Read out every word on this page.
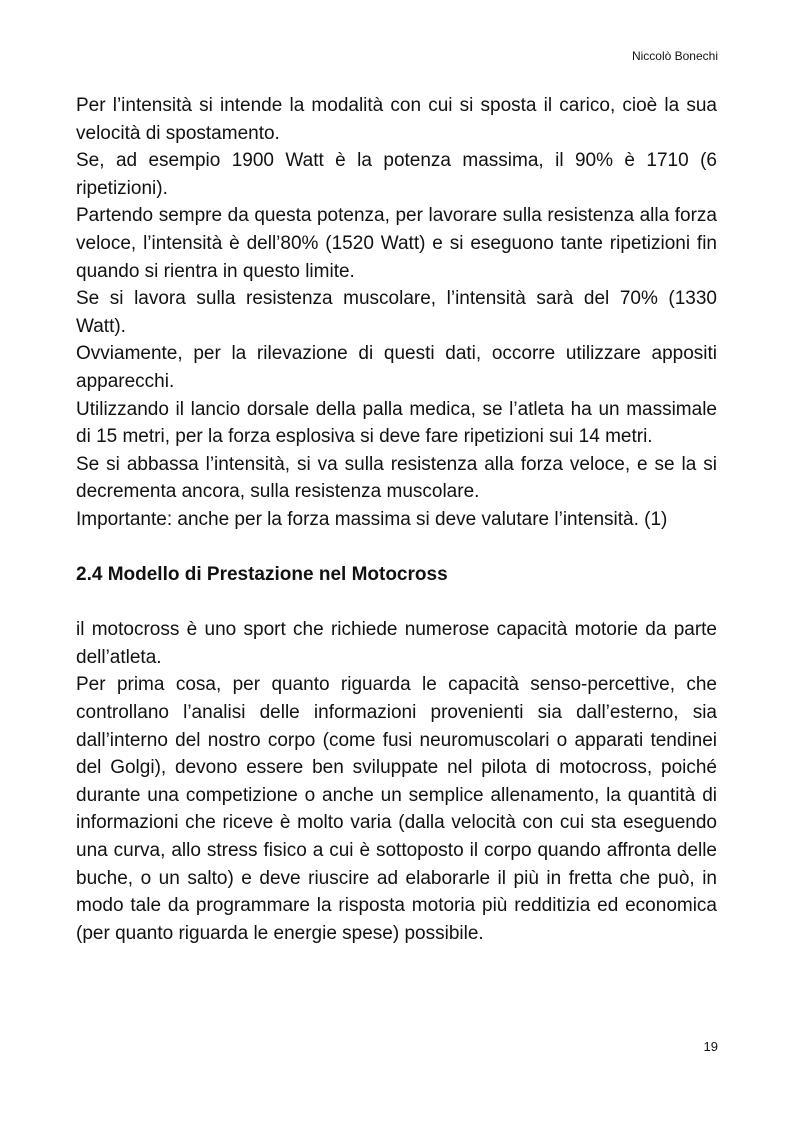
Niccolò Bonechi

Per l’intensità si intende la modalità con cui si sposta il carico, cioè la sua velocità di spostamento.

Se, ad esempio 1900 Watt è la potenza massima, il 90% è 1710 (6 ripetizioni).

Partendo sempre da questa potenza, per lavorare sulla resistenza alla forza veloce, l’intensità è dell’80% (1520 Watt) e si eseguono tante ripetizioni fin quando si rientra in questo limite.

Se si lavora sulla resistenza muscolare, l’intensità sarà del 70% (1330 Watt).

Ovviamente, per la rilevazione di questi dati, occorre utilizzare appositi apparecchi.

Utilizzando il lancio dorsale della palla medica, se l’atleta ha un massimale di 15 metri, per la forza esplosiva si deve fare ripetizioni sui 14 metri.

Se si abbassa l’intensità, si va sulla resistenza alla forza veloce, e se la si decrementa ancora, sulla resistenza muscolare.

Importante: anche per la forza massima si deve valutare l’intensità. (1)

2.4 Modello di Prestazione nel Motocross

il motocross è uno sport che richiede numerose capacità motorie da parte dell’atleta.

Per prima cosa, per quanto riguarda le capacità senso-percettive, che controllano l’analisi delle informazioni provenienti sia dall’esterno, sia dall’interno del nostro corpo (come fusi neuromuscolari o apparati tendinei del Golgi), devono essere ben sviluppate nel pilota di motocross, poiché durante una competizione o anche un semplice allenamento, la quantità di informazioni che riceve è molto varia (dalla velocità con cui sta eseguendo una curva, allo stress fisico a cui è sottoposto il corpo quando affronta delle buche, o un salto) e deve riuscire ad elaborarle il più in fretta che può, in modo tale da programmare la risposta motoria più redditizia ed economica (per quanto riguarda le energie spese) possibile.

19
